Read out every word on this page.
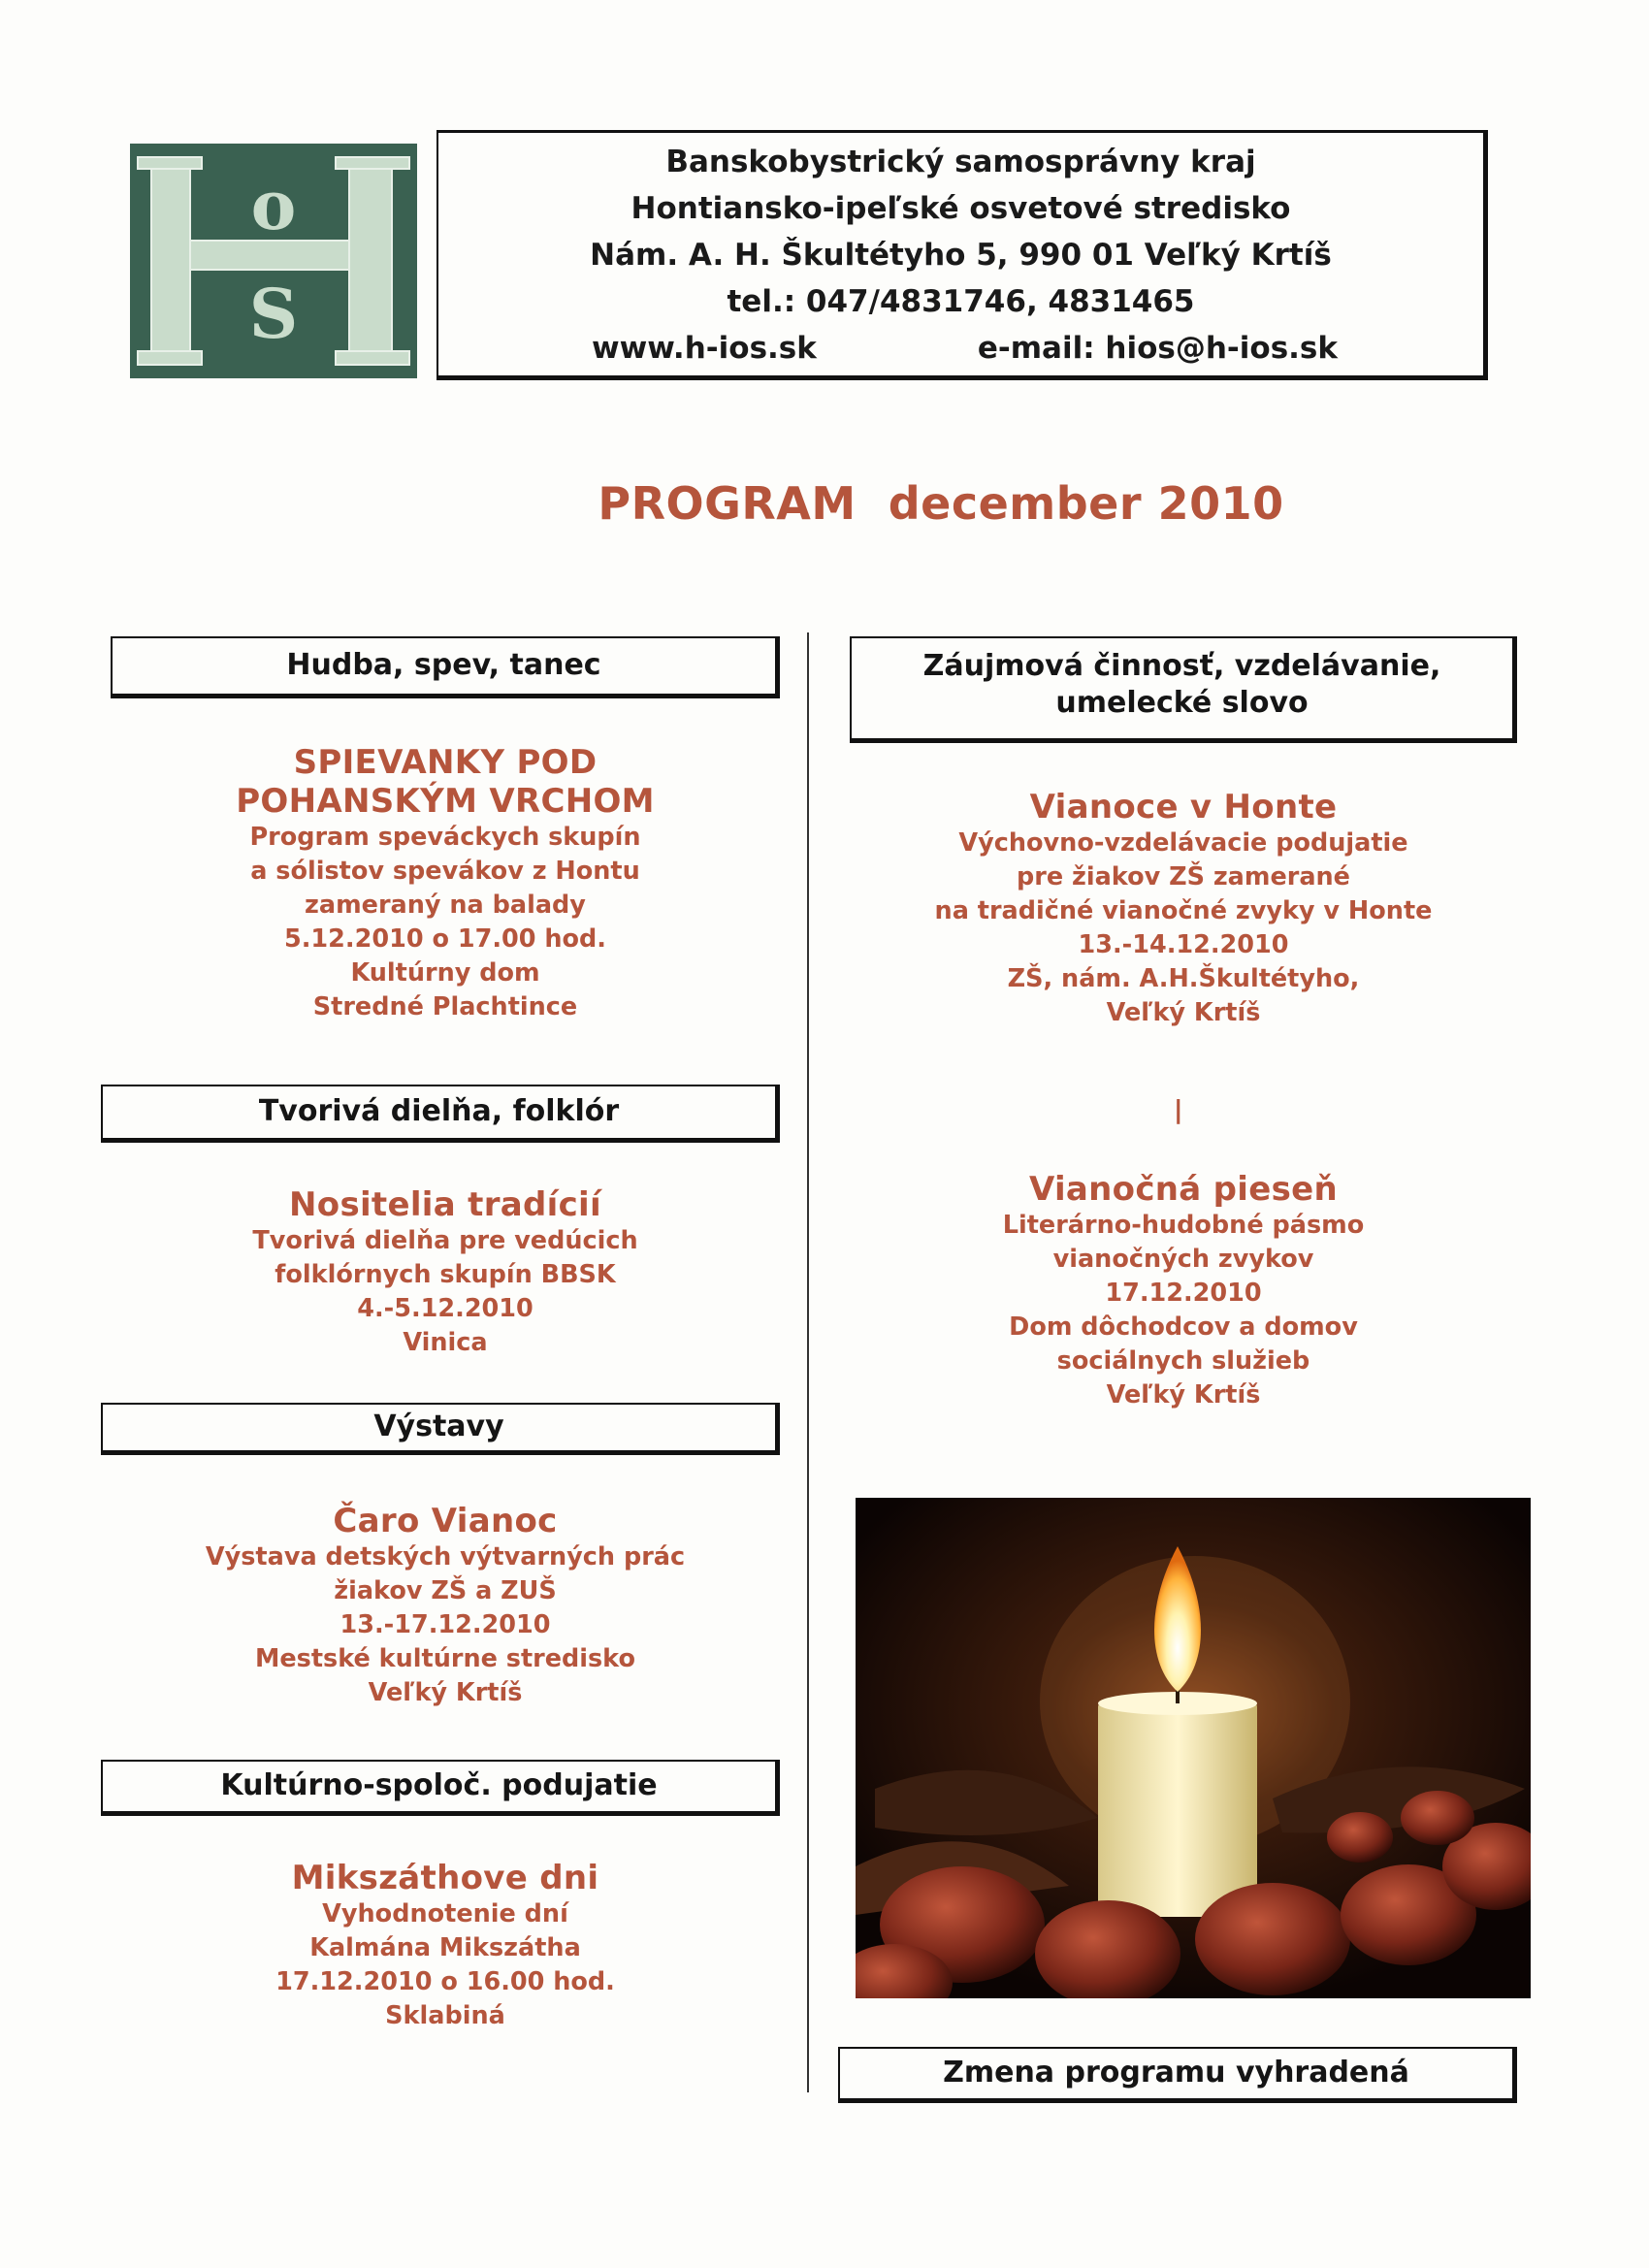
o
S
Banskobystrický samosprávny kraj
Hontiansko-ipeľské osvetové stredisko
Nám. A. H. Škultétyho 5, 990 01 Veľký Krtíš
tel.: 047/4831746, 4831465
www.h-ios.sk	e-mail: hios@h-ios.sk
PROGRAM  december 2010
Hudba, spev, tanec
SPIEVANKY POD
POHANSKÝM VRCHOM
Program speváckych skupín
a sólistov spevákov z Hontu
zameraný na balady
5.12.2010 o 17.00 hod.
Kultúrny dom
Stredné Plachtince
Tvorivá dielňa, folklór
Nositelia tradícií
Tvorivá dielňa pre vedúcich
folklórnych skupín BBSK
4.-5.12.2010
Vinica
Výstavy
Čaro Vianoc
Výstava detských výtvarných prác
žiakov ZŠ a ZUŠ
13.-17.12.2010
Mestské kultúrne stredisko
Veľký Krtíš
Kultúrno-spoloč. podujatie
Mikszáthove dni
Vyhodnotenie dní
Kalmána Mikszátha
17.12.2010 o 16.00 hod.
Sklabiná
Záujmová činnosť, vzdelávanie,
umelecké slovo
Vianoce v Honte
Výchovno-vzdelávacie podujatie
pre žiakov ZŠ zamerané
na tradičné vianočné zvyky v Honte
13.-14.12.2010
ZŠ, nám. A.H.Škultétyho,
Veľký Krtíš
l
Vianočná pieseň
Literárno-hudobné pásmo
vianočných zvykov
17.12.2010
Dom dôchodcov a domov
sociálnych služieb
Veľký Krtíš
Zmena programu vyhradená
